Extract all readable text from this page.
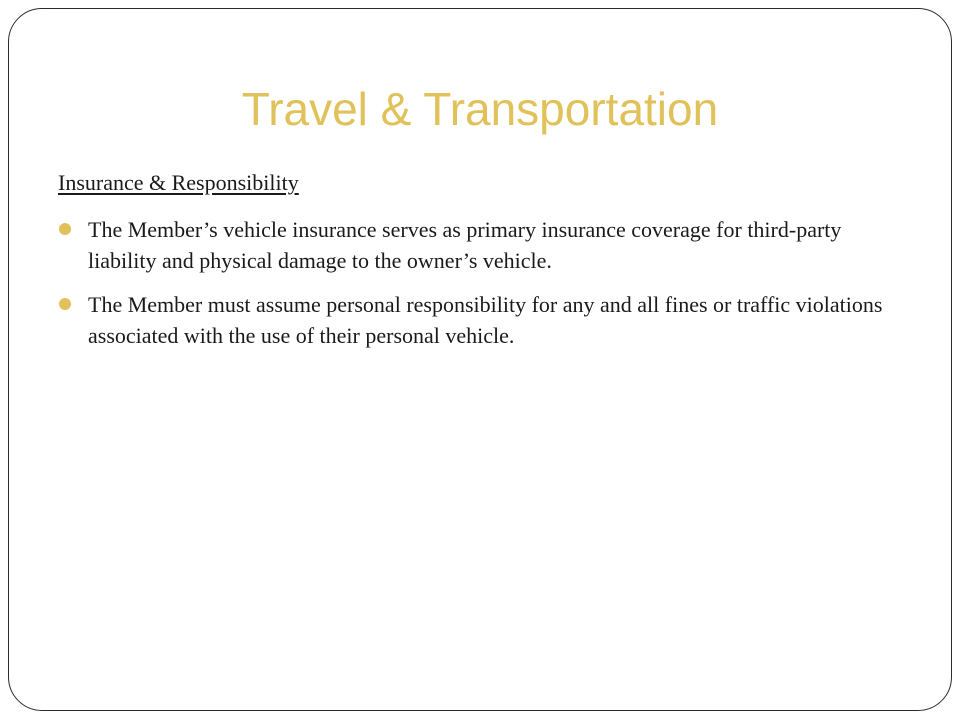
Travel & Transportation
Insurance & Responsibility
The Member’s vehicle insurance serves as primary insurance coverage for third-party liability and physical damage to the owner’s vehicle.
The Member must assume personal responsibility for any and all fines or traffic violations associated with the use of their personal vehicle.
